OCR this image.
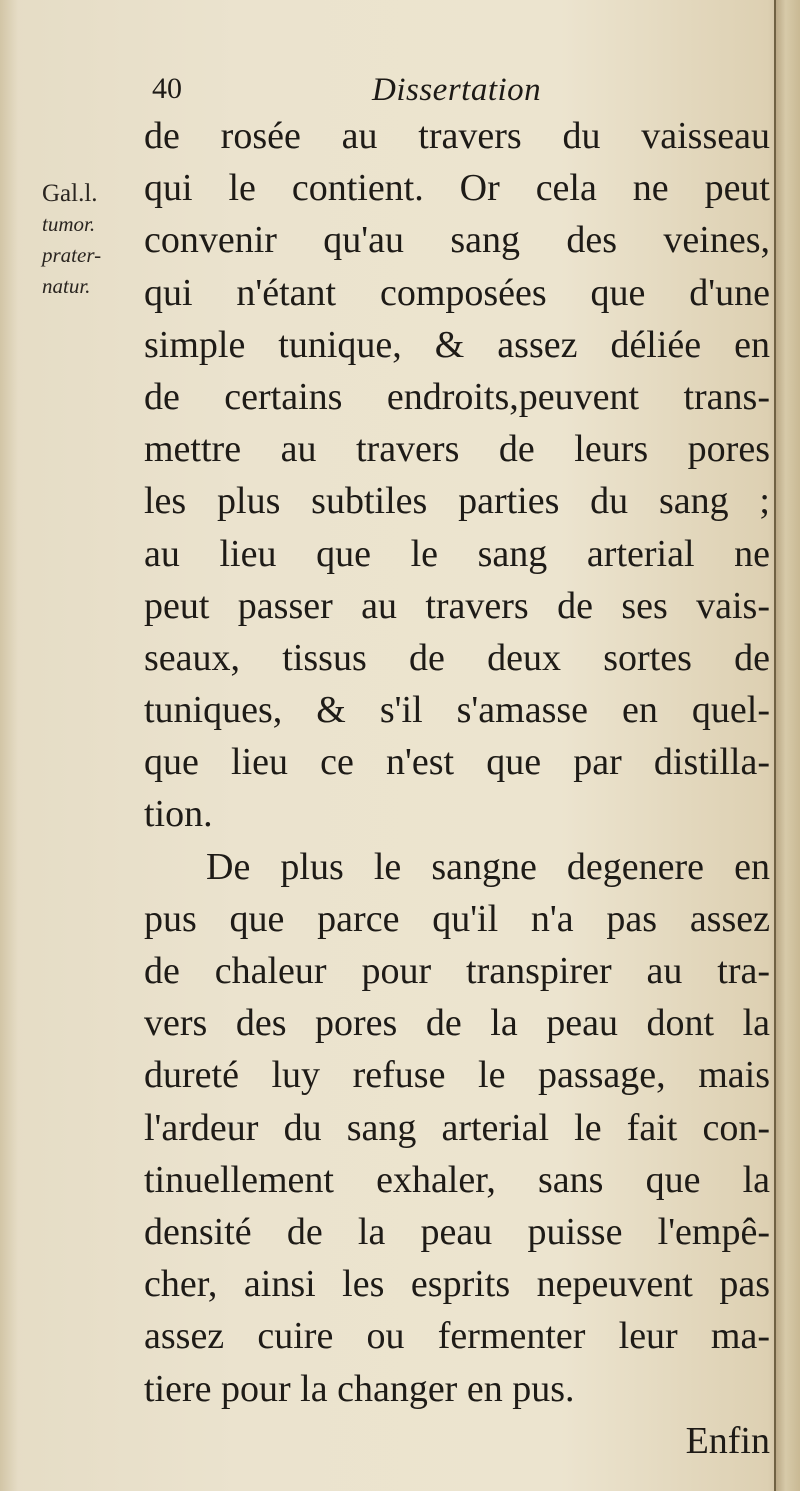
40	Dissertation
Gal.l.
tumor.
prater-
natur.
de rosée au travers du vaisseau
qui le contient. Or cela ne peut
convenir qu'au sang des veines,
qui n'étant composées que d'une
simple tunique, & assez déliée en
de certains endroits,peuvent trans-
mettre au travers de leurs pores
les plus subtiles parties du sang ;
au lieu que le sang arterial ne
peut passer au travers de ses vais-
seaux, tissus de deux sortes de
tuniques, & s'il s'amasse en quel-
que lieu ce n'est que par distilla-
tion.
De plus le sangne degenere en
pus que parce qu'il n'a pas assez
de chaleur pour transpirer au tra-
vers des pores de la peau dont la
dureté luy refuse le passage, mais
l'ardeur du sang arterial le fait con-
tinuellement exhaler, sans que la
densité de la peau puisse l'empê-
cher, ainsi les esprits nepeuvent pas
assez cuire ou fermenter leur ma-
tiere pour la changer en pus.
Enfin
